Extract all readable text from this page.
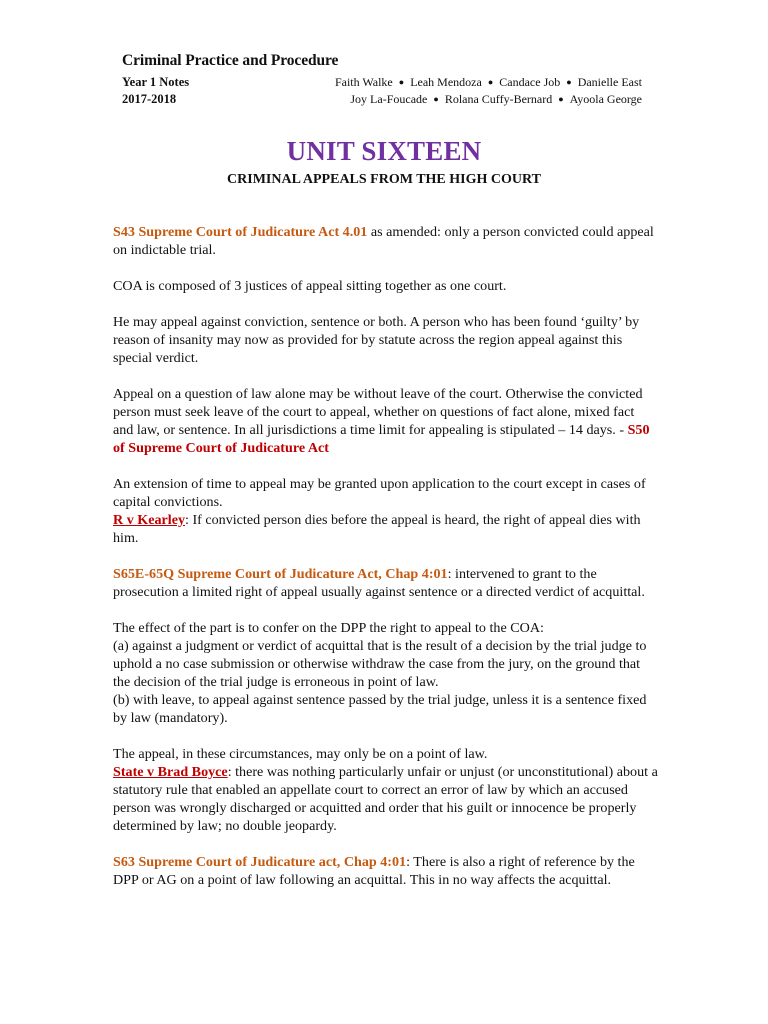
Criminal Practice and Procedure
Year 1 Notes
2017-2018
Faith Walke ● Leah Mendoza ● Candace Job ● Danielle East
Joy La-Foucade ● Rolana Cuffy-Bernard ● Ayoola George
UNIT SIXTEEN
CRIMINAL APPEALS FROM THE HIGH COURT

S43 Supreme Court of Judicature Act 4.01 as amended: only a person convicted could appeal on indictable trial.

COA is composed of 3 justices of appeal sitting together as one court.

He may appeal against conviction, sentence or both. A person who has been found ‘guilty’ by reason of insanity may now as provided for by statute across the region appeal against this special verdict.

Appeal on a question of law alone may be without leave of the court. Otherwise the convicted person must seek leave of the court to appeal, whether on questions of fact alone, mixed fact and law, or sentence. In all jurisdictions a time limit for appealing is stipulated – 14 days. - S50 of Supreme Court of Judicature Act

An extension of time to appeal may be granted upon application to the court except in cases of capital convictions.
R v Kearley: If convicted person dies before the appeal is heard, the right of appeal dies with him.

S65E-65Q Supreme Court of Judicature Act, Chap 4:01: intervened to grant to the prosecution a limited right of appeal usually against sentence or a directed verdict of acquittal.

The effect of the part is to confer on the DPP the right to appeal to the COA:
(a) against a judgment or verdict of acquittal that is the result of a decision by the trial judge to uphold a no case submission or otherwise withdraw the case from the jury, on the ground that the decision of the trial judge is erroneous in point of law.
(b) with leave, to appeal against sentence passed by the trial judge, unless it is a sentence fixed by law (mandatory).

The appeal, in these circumstances, may only be on a point of law.
State v Brad Boyce: there was nothing particularly unfair or unjust (or unconstitutional) about a statutory rule that enabled an appellate court to correct an error of law by which an accused person was wrongly discharged or acquitted and order that his guilt or innocence be properly determined by law; no double jeopardy.

S63 Supreme Court of Judicature act, Chap 4:01: There is also a right of reference by the DPP or AG on a point of law following an acquittal. This in no way affects the acquittal.
